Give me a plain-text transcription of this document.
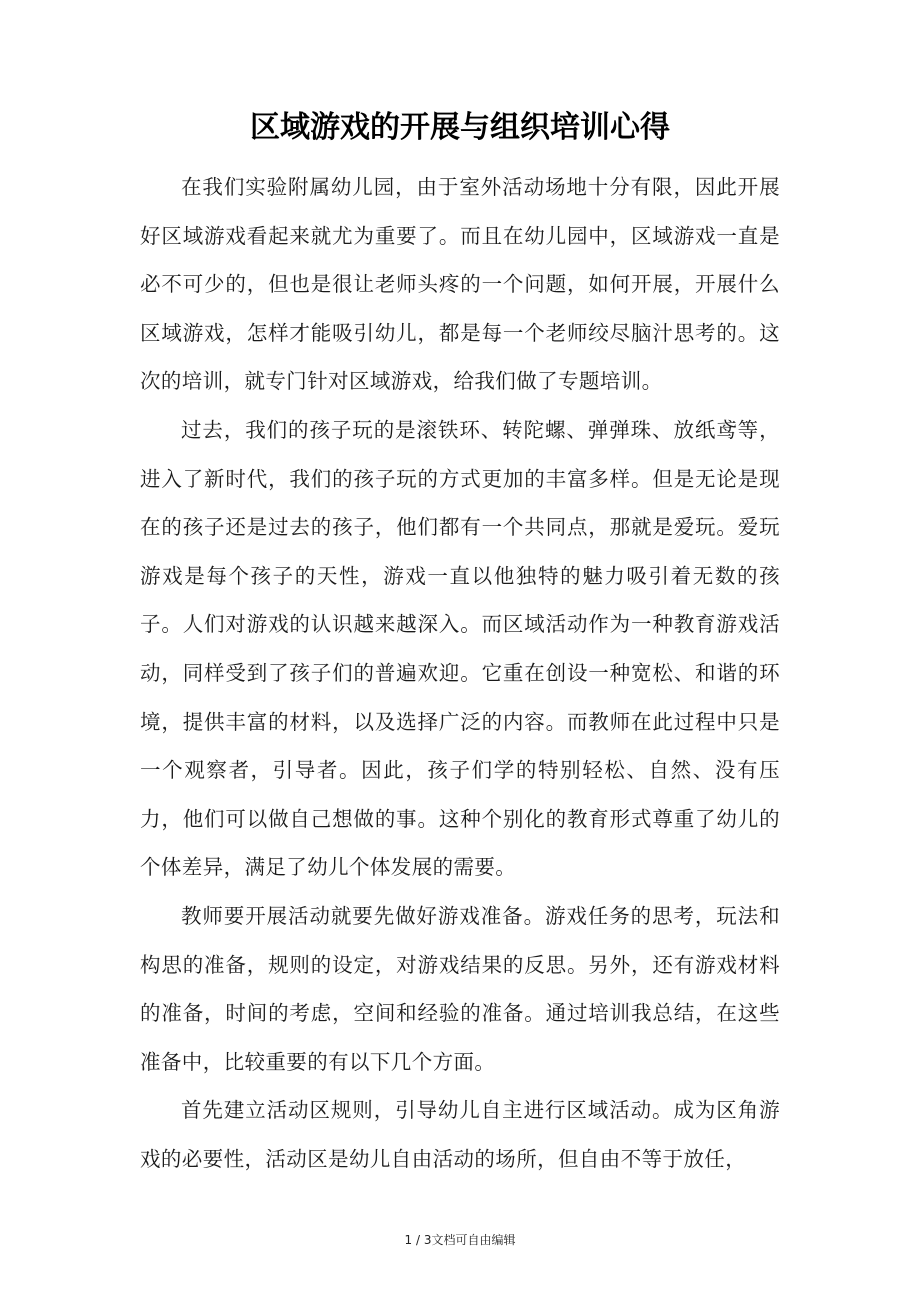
区域游戏的开展与组织培训心得

在我们实验附属幼儿园，由于室外活动场地十分有限，因此开展好区域游戏看起来就尤为重要了。而且在幼儿园中，区域游戏一直是必不可少的，但也是很让老师头疼的一个问题，如何开展，开展什么区域游戏，怎样才能吸引幼儿，都是每一个老师绞尽脑汁思考的。这次的培训，就专门针对区域游戏，给我们做了专题培训。

过去，我们的孩子玩的是滚铁环、转陀螺、弹弹珠、放纸鸢等，进入了新时代，我们的孩子玩的方式更加的丰富多样。但是无论是现在的孩子还是过去的孩子，他们都有一个共同点，那就是爱玩。爱玩游戏是每个孩子的天性，游戏一直以他独特的魅力吸引着无数的孩子。人们对游戏的认识越来越深入。而区域活动作为一种教育游戏活动，同样受到了孩子们的普遍欢迎。它重在创设一种宽松、和谐的环境，提供丰富的材料，以及选择广泛的内容。而教师在此过程中只是一个观察者，引导者。因此，孩子们学的特别轻松、自然、没有压力，他们可以做自己想做的事。这种个别化的教育形式尊重了幼儿的个体差异，满足了幼儿个体发展的需要。

教师要开展活动就要先做好游戏准备。游戏任务的思考，玩法和构思的准备，规则的设定，对游戏结果的反思。另外，还有游戏材料的准备，时间的考虑，空间和经验的准备。通过培训我总结，在这些准备中，比较重要的有以下几个方面。

首先建立活动区规则，引导幼儿自主进行区域活动。成为区角游戏的必要性，活动区是幼儿自由活动的场所，但自由不等于放任，

1 / 3文档可自由编辑
